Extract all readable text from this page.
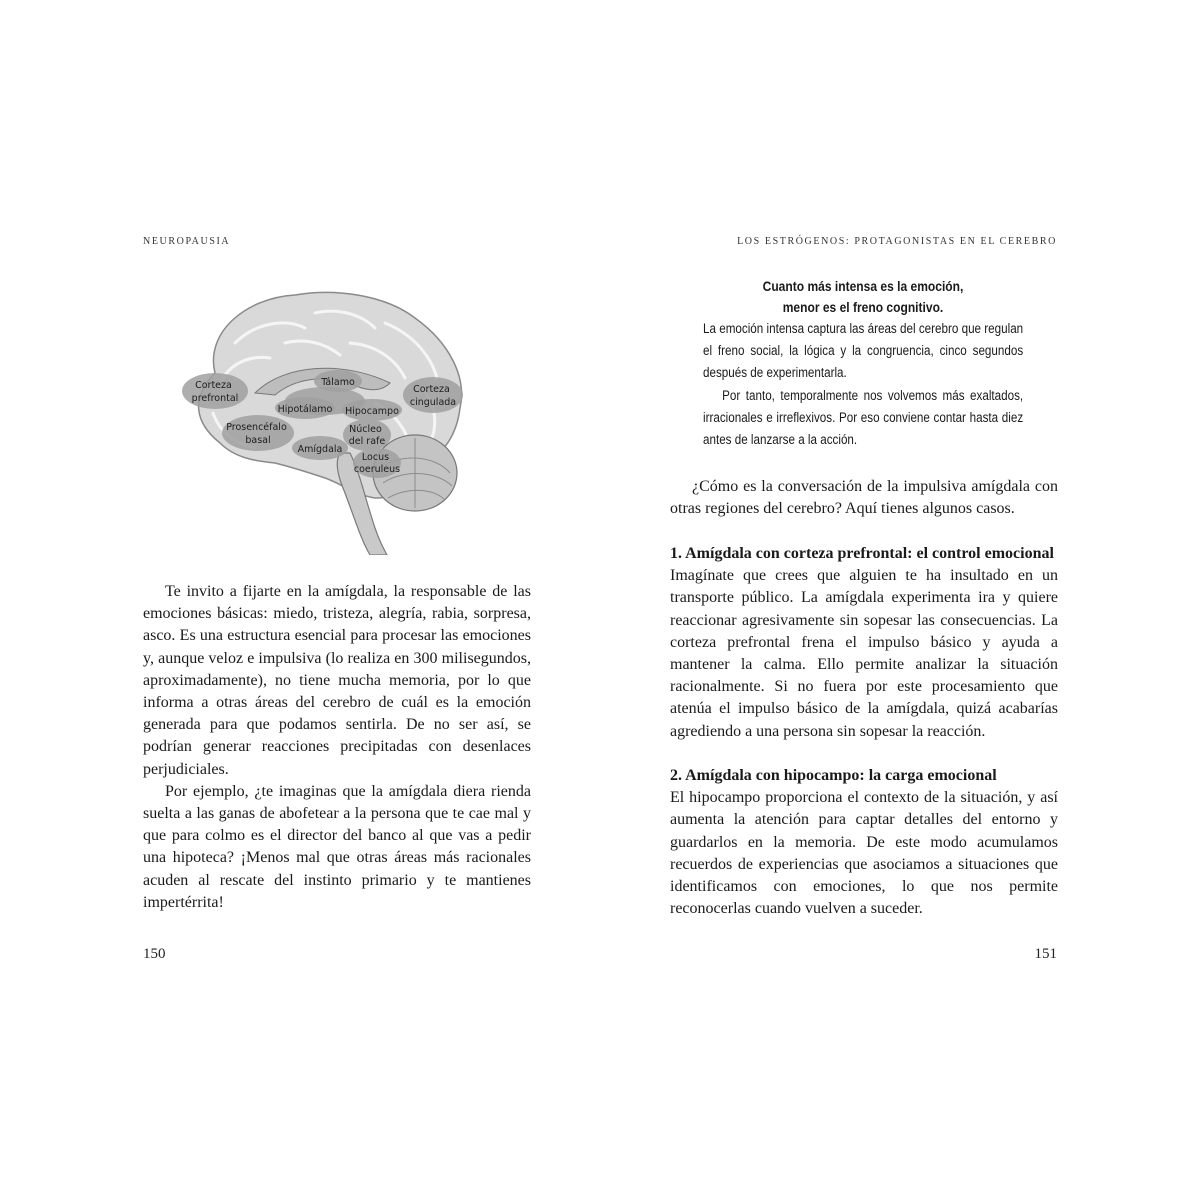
NEUROPAUSIA
Corteza prefrontal
Tálamo
Corteza cingulada
Hipotálamo Hipocampo
Prosencéfalo basal
Núcleo del rafe
Amígdala
Locus coeruleus

Te invito a fijarte en la amígdala, la responsable de las emociones básicas: miedo, tristeza, alegría, rabia, sorpresa, asco. Es una estructura esencial para procesar las emociones y, aunque veloz e impulsiva (lo realiza en 300 milisegundos, aproximadamente), no tiene mucha memoria, por lo que informa a otras áreas del cerebro de cuál es la emoción generada para que podamos sentirla. De no ser así, se podrían generar reacciones precipitadas con desenlaces perjudiciales.

Por ejemplo, ¿te imaginas que la amígdala diera rienda suelta a las ganas de abofetear a la persona que te cae mal y que para colmo es el director del banco al que vas a pedir una hipoteca? ¡Menos mal que otras áreas más racionales acuden al rescate del instinto primario y te mantienes impertérrita!

150
LOS ESTRÓGENOS: PROTAGONISTAS EN EL CEREBRO
Cuanto más intensa es la emoción,
menor es el freno cognitivo.

La emoción intensa captura las áreas del cerebro que regulan el freno social, la lógica y la congruencia, cinco segundos después de experimentarla.

Por tanto, temporalmente nos volvemos más exaltados, irracionales e irreflexivos. Por eso conviene contar hasta diez antes de lanzarse a la acción.

¿Cómo es la conversación de la impulsiva amígdala con otras regiones del cerebro? Aquí tienes algunos casos.

1. Amígdala con corteza prefrontal: el control emocional

Imagínate que crees que alguien te ha insultado en un transporte público. La amígdala experimenta ira y quiere reaccionar agresivamente sin sopesar las consecuencias. La corteza prefrontal frena el impulso básico y ayuda a mantener la calma. Ello permite analizar la situación racionalmente. Si no fuera por este procesamiento que atenúa el impulso básico de la amígdala, quizá acabarías agrediendo a una persona sin sopesar la reacción.

2. Amígdala con hipocampo: la carga emocional

El hipocampo proporciona el contexto de la situación, y así aumenta la atención para captar detalles del entorno y guardarlos en la memoria. De este modo acumulamos recuerdos de experiencias que asociamos a situaciones que identificamos con emociones, lo que nos permite reconocerlas cuando vuelven a suceder.

151
